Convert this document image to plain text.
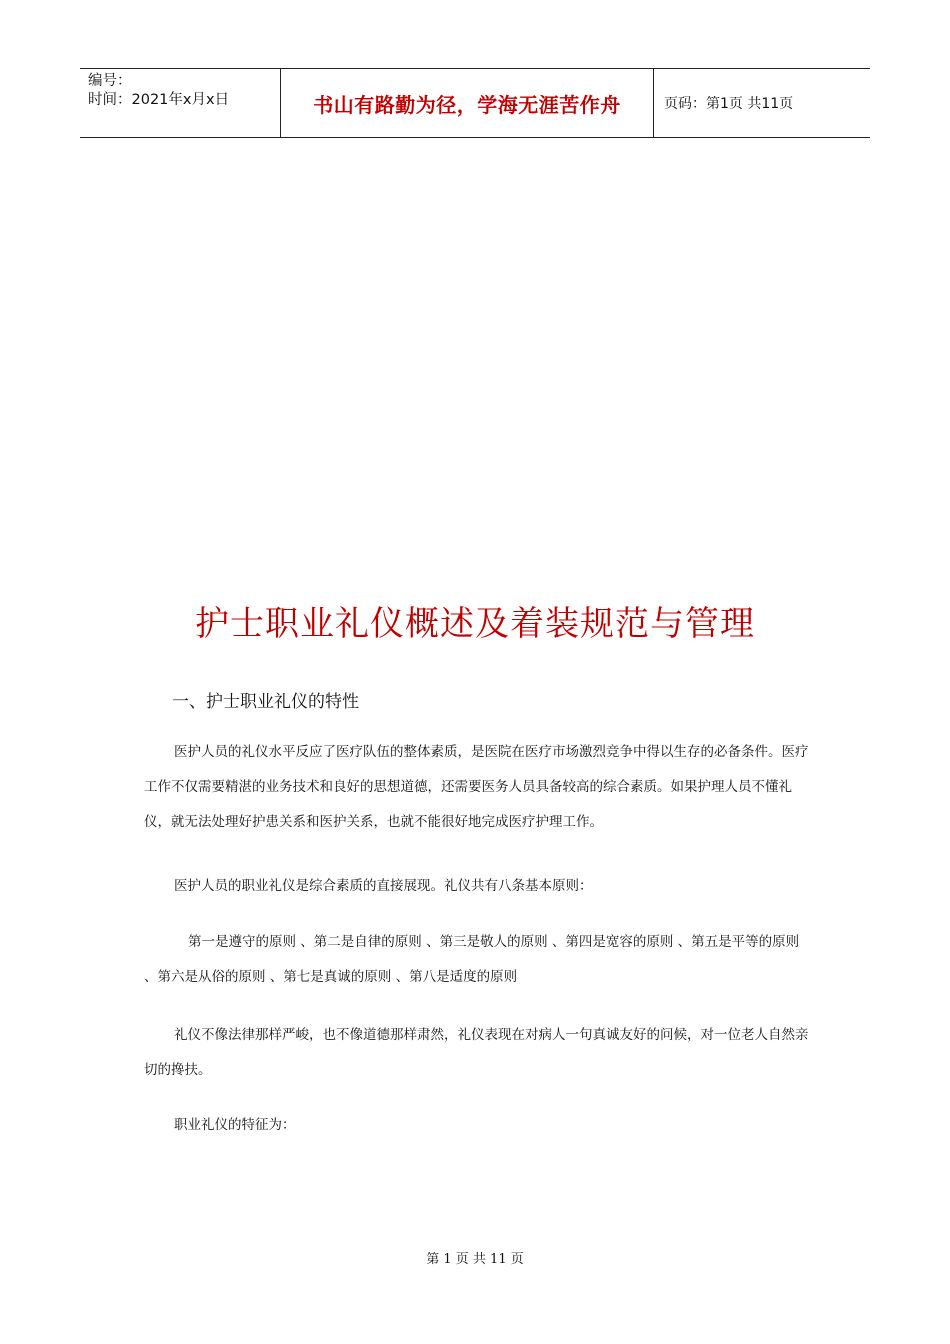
编号：
时间：2021年x月x日	书山有路勤为径，学海无涯苦作舟	页码：第1页 共11页
护士职业礼仪概述及着装规范与管理
一、护士职业礼仪的特性

医护人员的礼仪水平反应了医疗队伍的整体素质，是医院在医疗市场激烈竞争中得以生存的必备条件。医疗工作不仅需要精湛的业务技术和良好的思想道德，还需要医务人员具备较高的综合素质。如果护理人员不懂礼仪，就无法处理好护患关系和医护关系，也就不能很好地完成医疗护理工作。

医护人员的职业礼仪是综合素质的直接展现。礼仪共有八条基本原则：

第一是遵守的原则 、第二是自律的原则 、第三是敬人的原则 、第四是宽容的原则 、第五是平等的原则 、第六是从俗的原则 、第七是真诚的原则 、第八是适度的原则

礼仪不像法律那样严峻，也不像道德那样肃然，礼仪表现在对病人一句真诚友好的问候，对一位老人自然亲切的搀扶。

职业礼仪的特征为：

第 1 页 共 11 页
